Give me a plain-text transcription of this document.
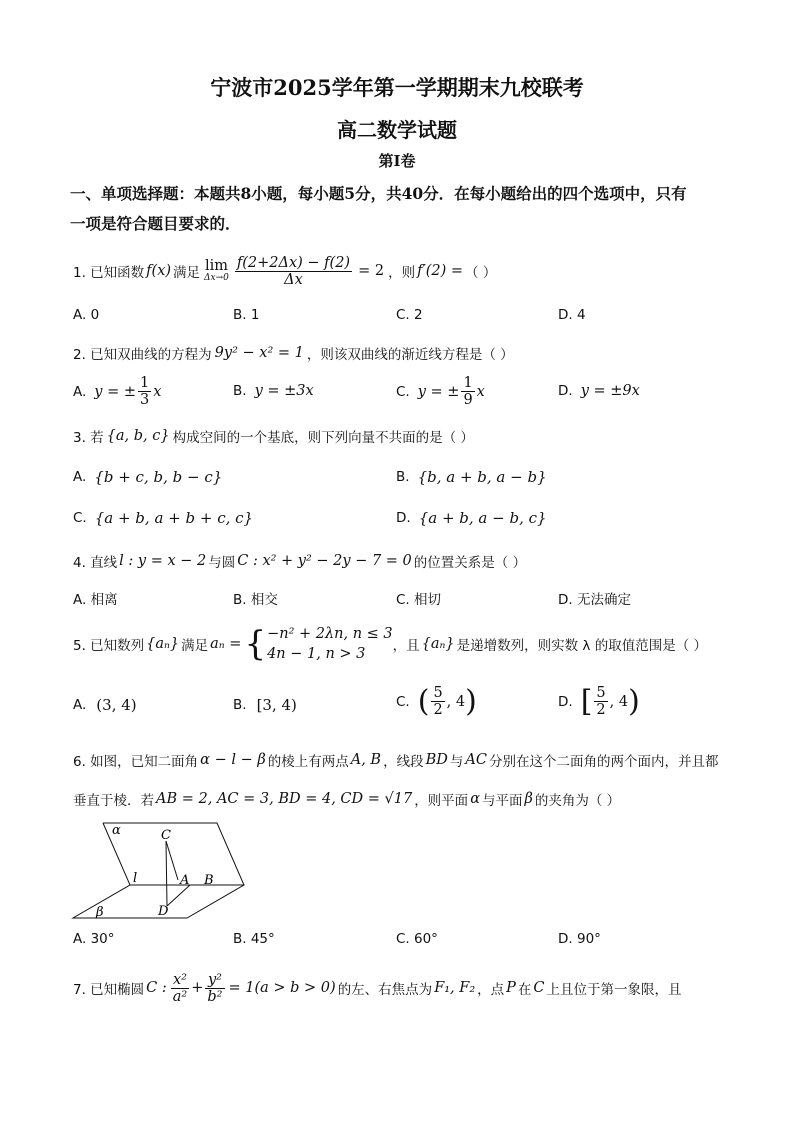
宁波市2025学年第一学期期末九校联考
高二数学试题
第Ⅰ卷
一、单项选择题：本题共8小题，每小题5分，共40分．在每小题给出的四个选项中，只有
一项是符合题目要求的．
1. 已知函数 f(x) 满足 lim
$\Delta x\to 0 \frac{f(2+2\Delta x) - f(2)}{\Delta x} = 2$ ，则 f′(2) = （ ）
A. 0	B. 1	C. 2	D. 4
2. 已知双曲线的方程为 9y² − x² = 1 ，则该双曲线的渐近线方程是（ ）
A. y = ± $\frac{1}{3}$ x	B. y = ±3x	C. y = ± $\frac{1}{9}$ x	D. y = ±9x
3. 若 {a, b, c} 构成空间的一个基底，则下列向量不共面的是（ ）
A. {b + c, b, b − c}	B. {b, a + b, a − b}
C. {a + b, a + b + c, c}	D. {a + b, a − b, c}
4. 直线 l : y = x − 2 与圆 C : x² + y² − 2y − 7 = 0 的位置关系是（ ）
A. 相离	B. 相交	C. 相切	D. 无法确定
5. 已知数列 {aₙ} 满足 aₙ = { −n² + 2λn, n ≤ 3
4n − 1, n > 3	，且 {aₙ} 是递增数列，则实数 λ 的取值范围是（ ）
A. (3, 4)	B. [3, 4)	C. ( $\frac{5}{2}$ , 4 )	D. [ $\frac{5}{2}$ , 4 )
6. 如图，已知二面角 α − l − β 的棱上有两点 A, B ，线段 BD 与 AC 分别在这个二面角的两个面内，并且都
垂直于棱．若 AB = 2, AC = 3, BD = 4, CD = √17 ，则平面 α 与平面 β 的夹角为（ ）
α	C
l	A B
β	D
A. 30°	B. 45°	C. 60°	D. 90°
7. 已知椭圆 C : $\frac{\text{x²}}{\text{a²}} + \frac{\text{y²}}{\text{b²}} = 1(a > b > 0)$ 的左、右焦点为 F₁, F₂ ，点 P 在 C 上且位于第一象限，且
